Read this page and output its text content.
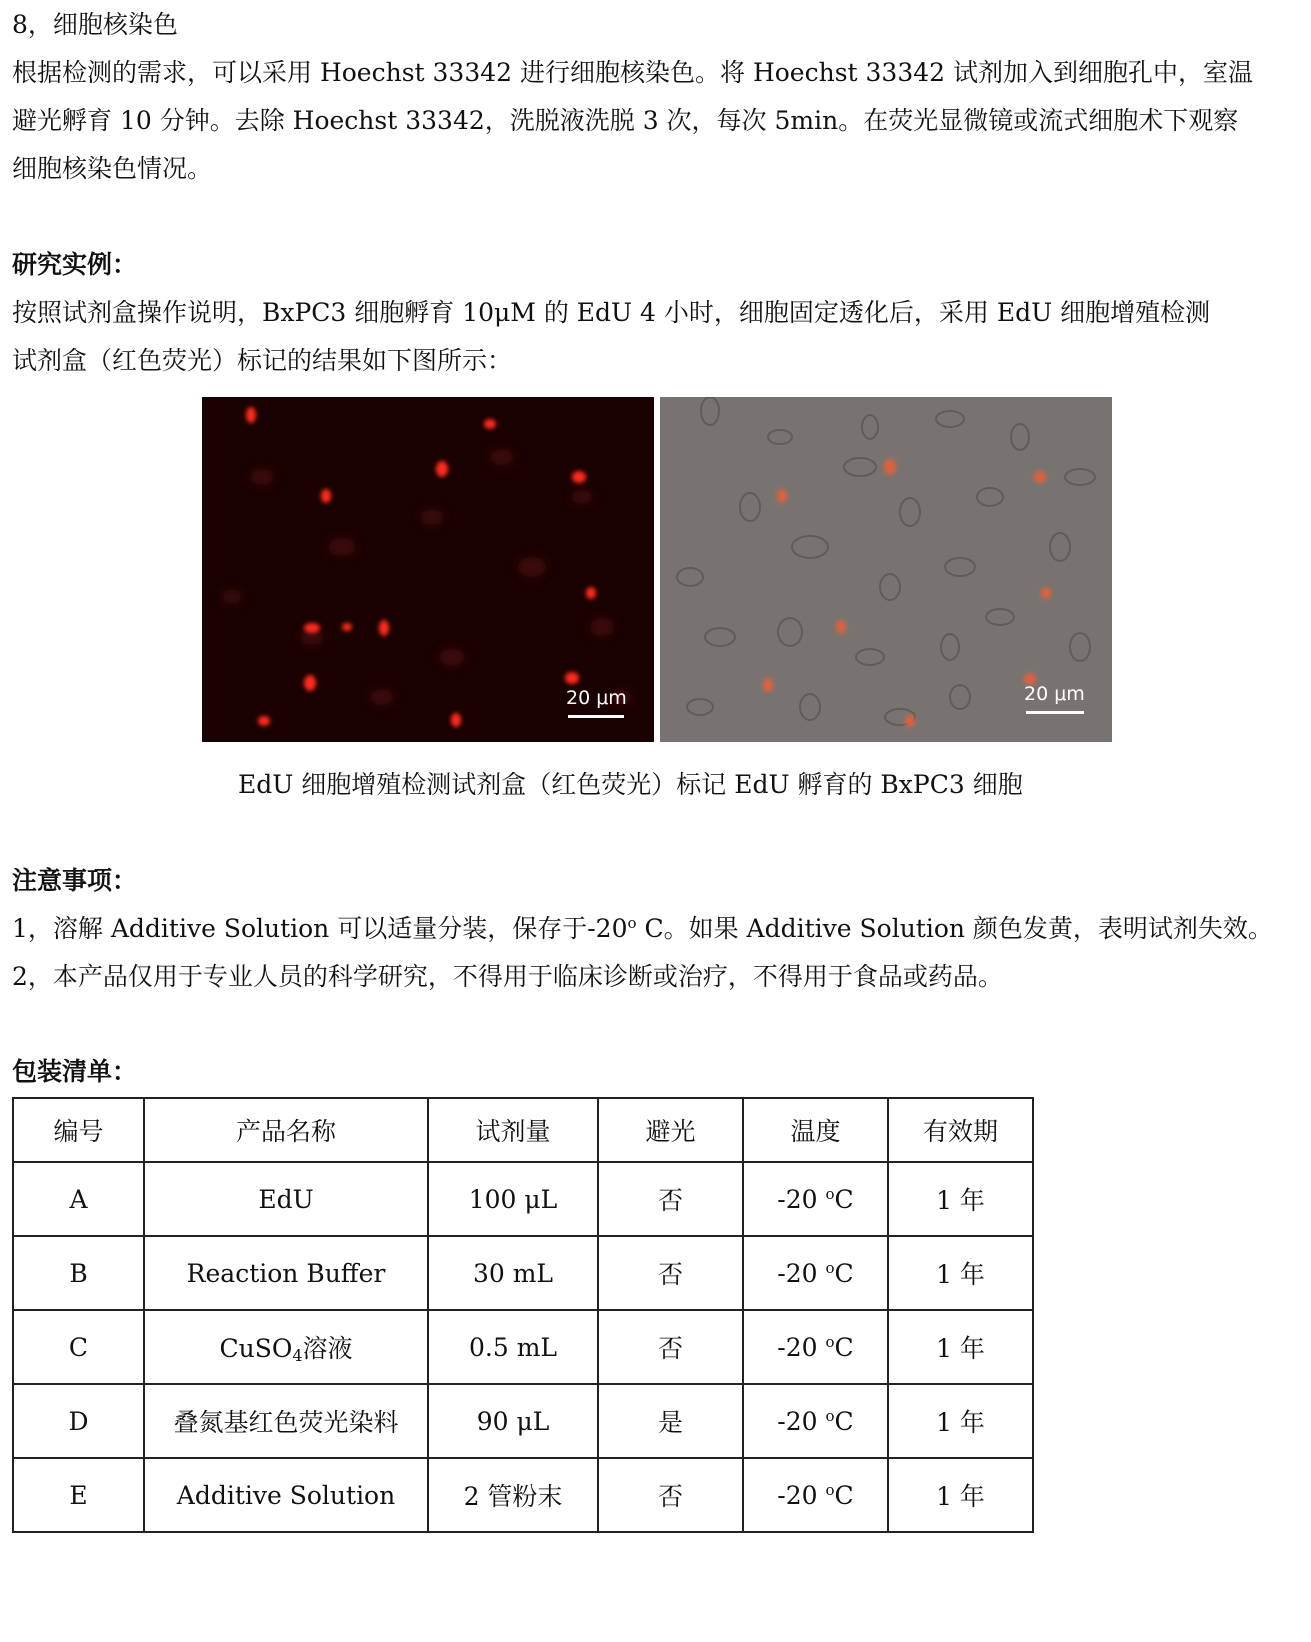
8，细胞核染色
根据检测的需求，可以采用 Hoechst 33342 进行细胞核染色。将 Hoechst 33342 试剂加入到细胞孔中，室温
避光孵育 10 分钟。去除 Hoechst 33342，洗脱液洗脱 3 次，每次 5min。在荧光显微镜或流式细胞术下观察
细胞核染色情况。
研究实例：
按照试剂盒操作说明，BxPC3 细胞孵育 10μM 的 EdU 4 小时，细胞固定透化后，采用 EdU 细胞增殖检测
试剂盒（红色荧光）标记的结果如下图所示：
20 μm	20 μm
EdU 细胞增殖检测试剂盒（红色荧光）标记 EdU 孵育的 BxPC3 细胞
注意事项：
1，溶解 Additive Solution 可以适量分装，保存于-20$^o$ C。如果 Additive Solution 颜色发黄，表明试剂失效。
2，本产品仅用于专业人员的科学研究，不得用于临床诊断或治疗，不得用于食品或药品。
包装清单：
编号	产品名称	试剂量	避光	温度	有效期
A	EdU	100 μL	否	-20 $^o$C	1 年
B	Reaction Buffer	30 mL	否	-20 $^o$C	1 年
C	CuSO$_4$溶液	0.5 mL	否	-20 $^o$C	1 年
D	叠氮基红色荧光染料	90 μL	是	-20 $^o$C	1 年
E	Additive Solution	2 管粉末	否	-20 $^o$C	1 年
